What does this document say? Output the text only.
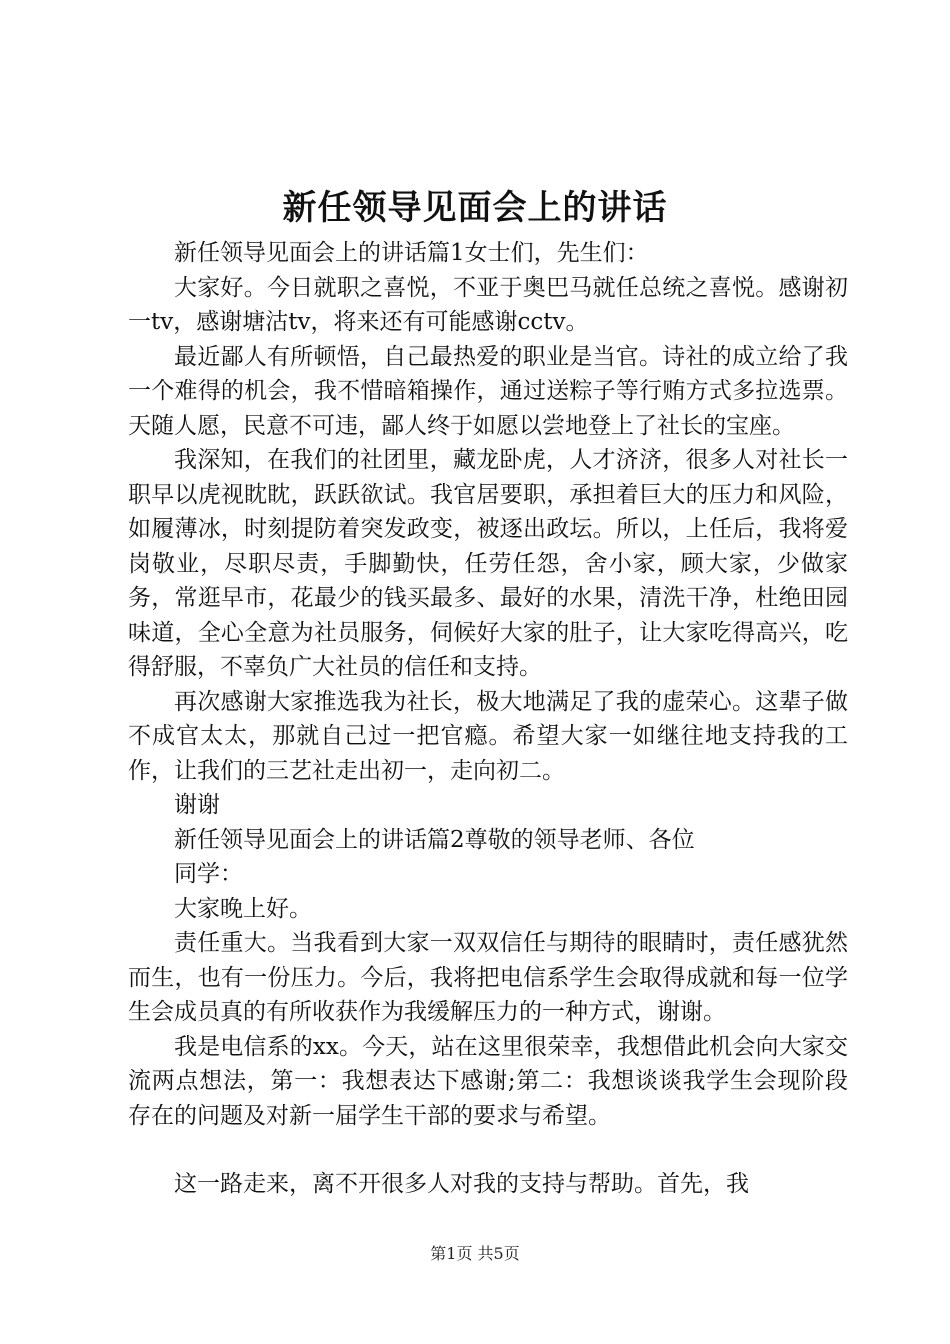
新任领导见面会上的讲话

新任领导见面会上的讲话篇1女士们，先生们：

大家好。今日就职之喜悦，不亚于奥巴马就任总统之喜悦。感谢初一tv，感谢塘沽tv，将来还有可能感谢cctv。

最近鄙人有所顿悟，自己最热爱的职业是当官。诗社的成立给了我一个难得的机会，我不惜暗箱操作，通过送粽子等行贿方式多拉选票。天随人愿，民意不可违，鄙人终于如愿以尝地登上了社长的宝座。

我深知，在我们的社团里，藏龙卧虎，人才济济，很多人对社长一职早以虎视眈眈，跃跃欲试。我官居要职，承担着巨大的压力和风险，如履薄冰，时刻提防着突发政变，被逐出政坛。所以，上任后，我将爱岗敬业，尽职尽责，手脚勤快，任劳任怨，舍小家，顾大家，少做家务，常逛早市，花最少的钱买最多、最好的水果，清洗干净，杜绝田园味道，全心全意为社员服务，伺候好大家的肚子，让大家吃得高兴，吃得舒服，不辜负广大社员的信任和支持。

再次感谢大家推选我为社长，极大地满足了我的虚荣心。这辈子做不成官太太，那就自己过一把官瘾。希望大家一如继往地支持我的工作，让我们的三艺社走出初一，走向初二。

谢谢

新任领导见面会上的讲话篇2尊敬的领导老师、各位

同学：

大家晚上好。

责任重大。当我看到大家一双双信任与期待的眼睛时，责任感犹然而生，也有一份压力。今后，我将把电信系学生会取得成就和每一位学生会成员真的有所收获作为我缓解压力的一种方式，谢谢。

我是电信系的xx。今天，站在这里很荣幸，我想借此机会向大家交流两点想法，第一：我想表达下感谢;第二：我想谈谈我学生会现阶段存在的问题及对新一届学生干部的要求与希望。

这一路走来，离不开很多人对我的支持与帮助。首先，我

第1页 共5页
